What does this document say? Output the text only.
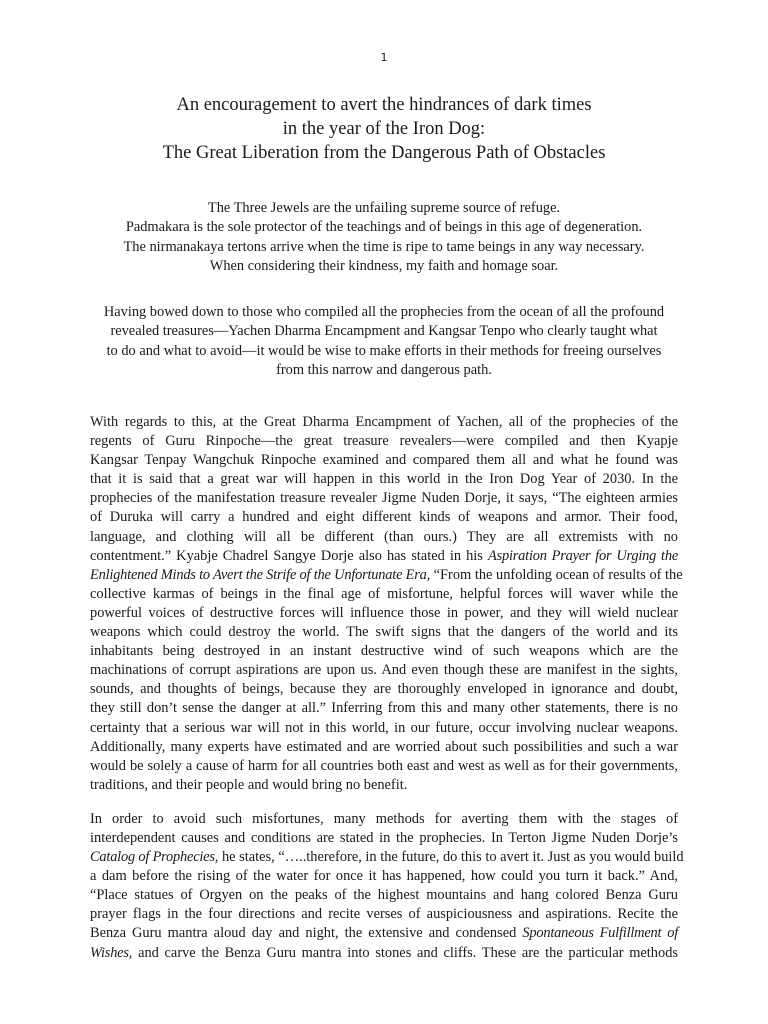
1
An encouragement to avert the hindrances of dark times
in the year of the Iron Dog:
The Great Liberation from the Dangerous Path of Obstacles
The Three Jewels are the unfailing supreme source of refuge.
Padmakara is the sole protector of the teachings and of beings in this age of degeneration.
The nirmanakaya tertons arrive when the time is ripe to tame beings in any way necessary.
When considering their kindness, my faith and homage soar.
Having bowed down to those who compiled all the prophecies from the ocean of all the profound
revealed treasures—Yachen Dharma Encampment and Kangsar Tenpo who clearly taught what
to do and what to avoid—it would be wise to make efforts in their methods for freeing ourselves
from this narrow and dangerous path.

With regards to this, at the Great Dharma Encampment of Yachen, all of the prophecies of the
regents of Guru Rinpoche—the great treasure revealers—were compiled and then Kyapje
Kangsar Tenpay Wangchuk Rinpoche examined and compared them all and what he found was
that it is said that a great war will happen in this world in the Iron Dog Year of 2030. In the
prophecies of the manifestation treasure revealer Jigme Nuden Dorje, it says, “The eighteen armies
of Duruka will carry a hundred and eight different kinds of weapons and armor. Their food,
language, and clothing will all be different (than ours.) They are all extremists with no
contentment.” Kyabje Chadrel Sangye Dorje also has stated in his Aspiration Prayer for Urging the
Enlightened Minds to Avert the Strife of the Unfortunate Era, “From the unfolding ocean of results of the
collective karmas of beings in the final age of misfortune, helpful forces will waver while the
powerful voices of destructive forces will influence those in power, and they will wield nuclear
weapons which could destroy the world. The swift signs that the dangers of the world and its
inhabitants being destroyed in an instant destructive wind of such weapons which are the
machinations of corrupt aspirations are upon us. And even though these are manifest in the sights,
sounds, and thoughts of beings, because they are thoroughly enveloped in ignorance and doubt,
they still don’t sense the danger at all.” Inferring from this and many other statements, there is no
certainty that a serious war will not in this world, in our future, occur involving nuclear weapons.
Additionally, many experts have estimated and are worried about such possibilities and such a war
would be solely a cause of harm for all countries both east and west as well as for their governments,
traditions, and their people and would bring no benefit.

In order to avoid such misfortunes, many methods for averting them with the stages of
interdependent causes and conditions are stated in the prophecies. In Terton Jigme Nuden Dorje’s
Catalog of Prophecies, he states, “…..therefore, in the future, do this to avert it. Just as you would build
a dam before the rising of the water for once it has happened, how could you turn it back.” And,
“Place statues of Orgyen on the peaks of the highest mountains and hang colored Benza Guru
prayer flags in the four directions and recite verses of auspiciousness and aspirations. Recite the
Benza Guru mantra aloud day and night, the extensive and condensed Spontaneous Fulfillment of
Wishes, and carve the Benza Guru mantra into stones and cliffs. These are the particular methods
